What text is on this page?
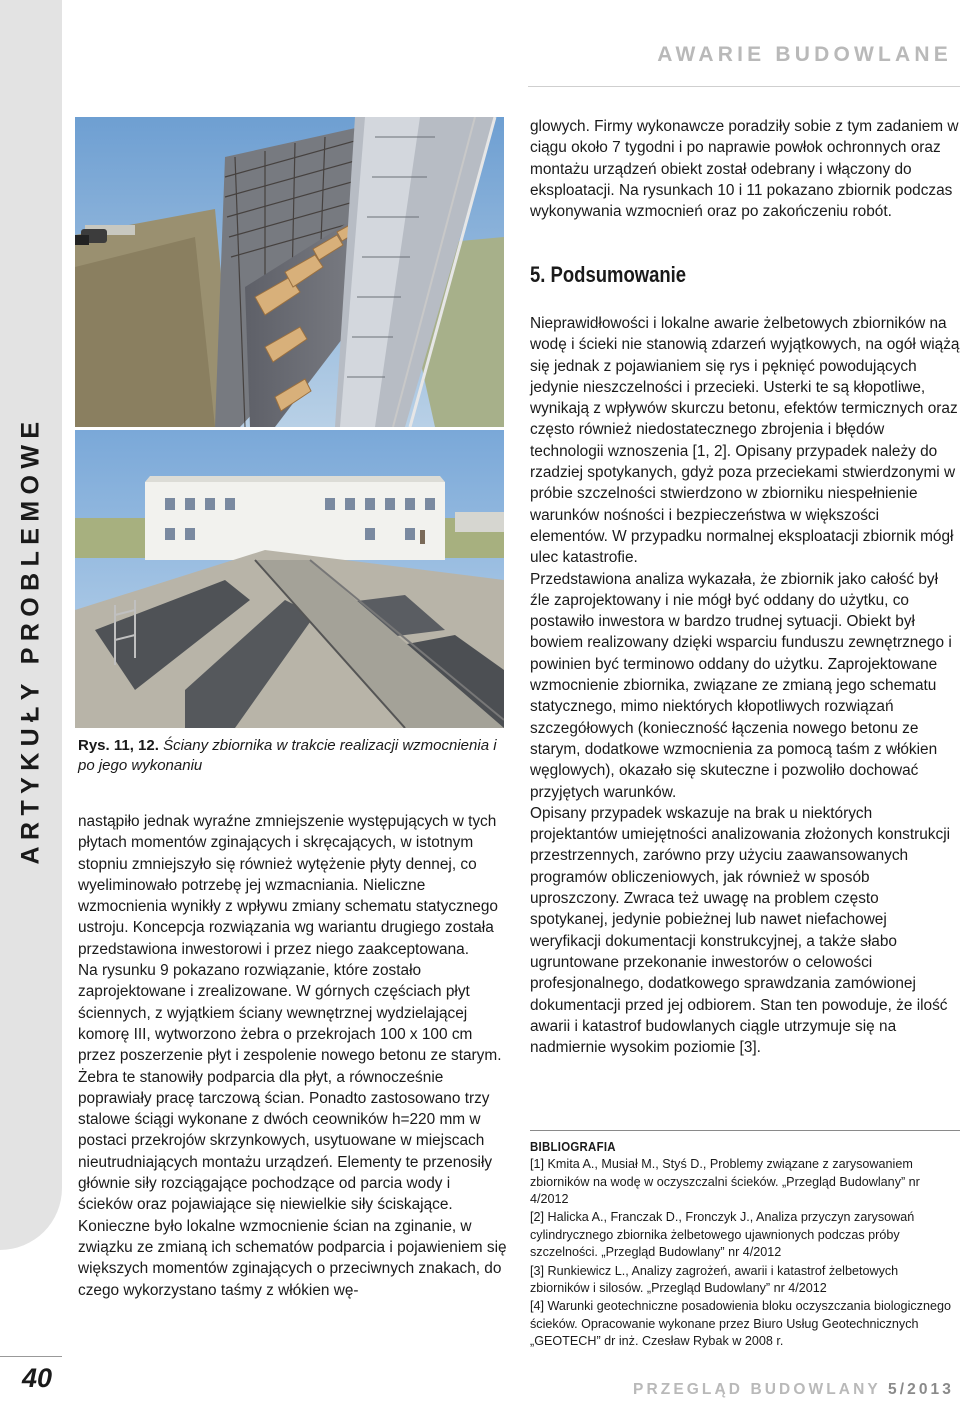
ARTYKUŁY PROBLEMOWE
AWARIE BUDOWLANE
Rys. 11, 12. Ściany zbiornika w trakcie realizacji wzmocnienia i po jego wykonaniu

nastąpiło jednak wyraźne zmniejszenie występujących w tych płytach momentów zginających i skręcających, w istotnym stopniu zmniejszyło się również wytężenie płyty dennej, co wyeliminowało potrzebę jej wzmacniania. Nieliczne wzmocnienia wynikły z wpływu zmiany schematu statycznego ustroju. Koncepcja rozwiązania wg wariantu drugiego została przedstawiona inwestorowi i przez niego zaakceptowana.

Na rysunku 9 pokazano rozwiązanie, które zostało zaprojektowane i zrealizowane. W górnych częściach płyt ściennych, z wyjątkiem ściany wewnętrznej wydzielającej komorę III, wytworzono żebra o przekrojach 100 x 100 cm przez poszerzenie płyt i zespolenie nowego betonu ze starym. Żebra te stanowiły podparcia dla płyt, a równocześnie poprawiały pracę tarczową ścian. Ponadto zastosowano trzy stalowe ściągi wykonane z dwóch ceowników h=220 mm w postaci przekrojów skrzynkowych, usytuowane w miejscach nieutrudniających montażu urządzeń. Elementy te przenosiły głównie siły rozciągające pochodzące od parcia wody i ścieków oraz pojawiające się niewielkie siły ściskające. Konieczne było lokalne wzmocnienie ścian na zginanie, w związku ze zmianą ich schematów podparcia i pojawieniem się większych momentów zginających o przeciwnych znakach, do czego wykorzystano taśmy z włókien wę-

glowych. Firmy wykonawcze poradziły sobie z tym zadaniem w ciągu około 7 tygodni i po naprawie powłok ochronnych oraz montażu urządzeń obiekt został odebrany i włączony do eksploatacji. Na rysunkach 10 i 11 pokazano zbiornik podczas wykonywania wzmocnień oraz po zakończeniu robót.

5. Podsumowanie

Nieprawidłowości i lokalne awarie żelbetowych zbiorników na wodę i ścieki nie stanowią zdarzeń wyjątkowych, na ogół wiążą się jednak z pojawianiem się rys i pęknięć powodujących jedynie nieszczelności i przecieki. Usterki te są kłopotliwe, wynikają z wpływów skurczu betonu, efektów termicznych oraz często również niedostatecznego zbrojenia i błędów technologii wznoszenia [1, 2]. Opisany przypadek należy do rzadziej spotykanych, gdyż poza przeciekami stwierdzonymi w próbie szczelności stwierdzono w zbiorniku niespełnienie warunków nośności i bezpieczeństwa w większości elementów. W przypadku normalnej eksploatacji zbiornik mógł ulec katastrofie.

Przedstawiona analiza wykazała, że zbiornik jako całość był źle zaprojektowany i nie mógł być oddany do użytku, co postawiło inwestora w bardzo trudnej sytuacji. Obiekt był bowiem realizowany dzięki wsparciu funduszu zewnętrznego i powinien być terminowo oddany do użytku. Zaprojektowane wzmocnienie zbiornika, związane ze zmianą jego schematu statycznego, mimo niektórych kłopotliwych rozwiązań szczegółowych (konieczność łączenia nowego betonu ze starym, dodatkowe wzmocnienia za pomocą taśm z włókien węglowych), okazało się skuteczne i pozwoliło dochować przyjętych warunków.

Opisany przypadek wskazuje na brak u niektórych projektantów umiejętności analizowania złożonych konstrukcji przestrzennych, zarówno przy użyciu zaawansowanych programów obliczeniowych, jak również w sposób uproszczony. Zwraca też uwagę na problem często spotykanej, jedynie pobieżnej lub nawet niefachowej weryfikacji dokumentacji konstrukcyjnej, a także słabo ugruntowane przekonanie inwestorów o celowości profesjonalnego, dodatkowego sprawdzania zamówionej dokumentacji przed jej odbiorem. Stan ten powoduje, że ilość awarii i katastrof budowlanych ciągle utrzymuje się na nadmiernie wysokim poziomie [3].

BIBLIOGRAFIA

[1] Kmita A., Musiał M., Styś D., Problemy związane z zarysowaniem zbiorników na wodę w oczyszczalni ścieków. „Przegląd Budowlany” nr 4/2012

[2] Halicka A., Franczak D., Fronczyk J., Analiza przyczyn zarysowań cylindrycznego zbiornika żelbetowego ujawnionych podczas próby szczelności. „Przegląd Budowlany” nr 4/2012

[3] Runkiewicz L., Analizy zagrożeń, awarii i katastrof żelbetowych zbiorników i silosów. „Przegląd Budowlany” nr 4/2012

[4] Warunki geotechniczne posadowienia bloku oczyszczania biologicznego ścieków. Opracowanie wykonane przez Biuro Usług Geotechnicznych „GEOTECH” dr inż. Czesław Rybak w 2008 r.

40	PRZEGLĄD BUDOWLANY 5/2013
